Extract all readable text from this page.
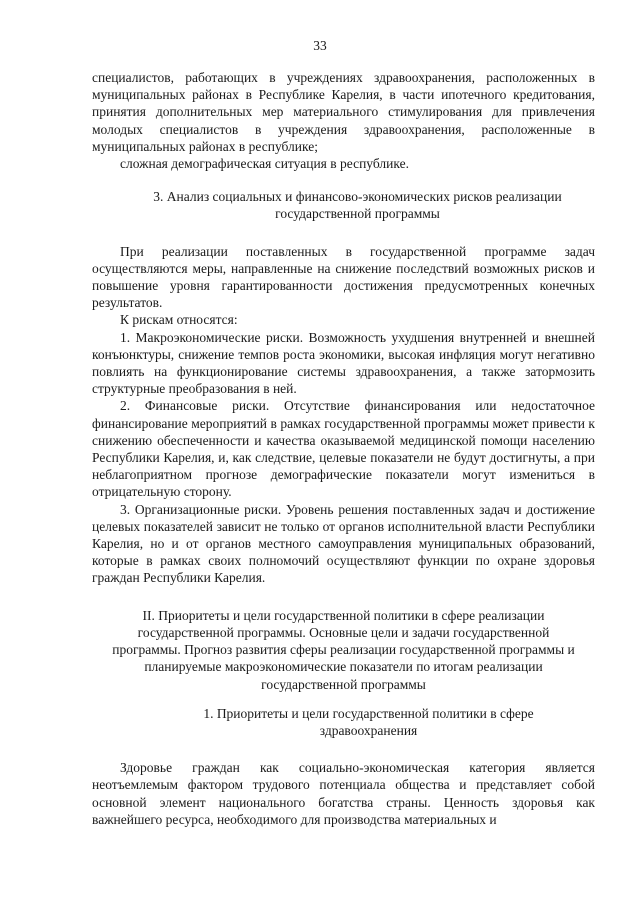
33

специалистов, работающих в учреждениях здравоохранения, расположенных в муниципальных районах в Республике Карелия, в части ипотечного кредитования, принятия дополнительных мер материального стимулирования для привлечения молодых специалистов в учреждения здравоохранения, расположенные в муниципальных районах в республике;

сложная демографическая ситуация в республике.

3. Анализ социальных и финансово-экономических рисков реализации государственной программы

При реализации поставленных в государственной программе задач осуществляются меры, направленные на снижение последствий возможных рисков и повышение уровня гарантированности достижения предусмотренных конечных результатов.

К рискам относятся:

1. Макроэкономические риски. Возможность ухудшения внутренней и внешней конъюнктуры, снижение темпов роста экономики, высокая инфляция могут негативно повлиять на функционирование системы здравоохранения, а также затормозить структурные преобразования в ней.

2. Финансовые риски. Отсутствие финансирования или недостаточное финансирование мероприятий в рамках государственной программы может привести к снижению обеспеченности и качества оказываемой медицинской помощи населению Республики Карелия, и, как следствие, целевые показатели не будут достигнуты, а при неблагоприятном прогнозе демографические показатели могут измениться в отрицательную сторону.

3. Организационные риски. Уровень решения поставленных задач и достижение целевых показателей зависит не только от органов исполнительной власти Республики Карелия, но и от органов местного самоуправления муниципальных образований, которые в рамках своих полномочий осуществляют функции по охране здоровья граждан Республики Карелия.

II. Приоритеты и цели государственной политики в сфере реализации государственной программы. Основные цели и задачи государственной программы. Прогноз развития сферы реализации государственной программы и планируемые макроэкономические показатели по итогам реализации государственной программы
1. Приоритеты и цели государственной политики в сфере здравоохранения

Здоровье граждан как социально-экономическая категория является неотъемлемым фактором трудового потенциала общества и представляет собой основной элемент национального богатства страны. Ценность здоровья как важнейшего ресурса, необходимого для производства материальных и
